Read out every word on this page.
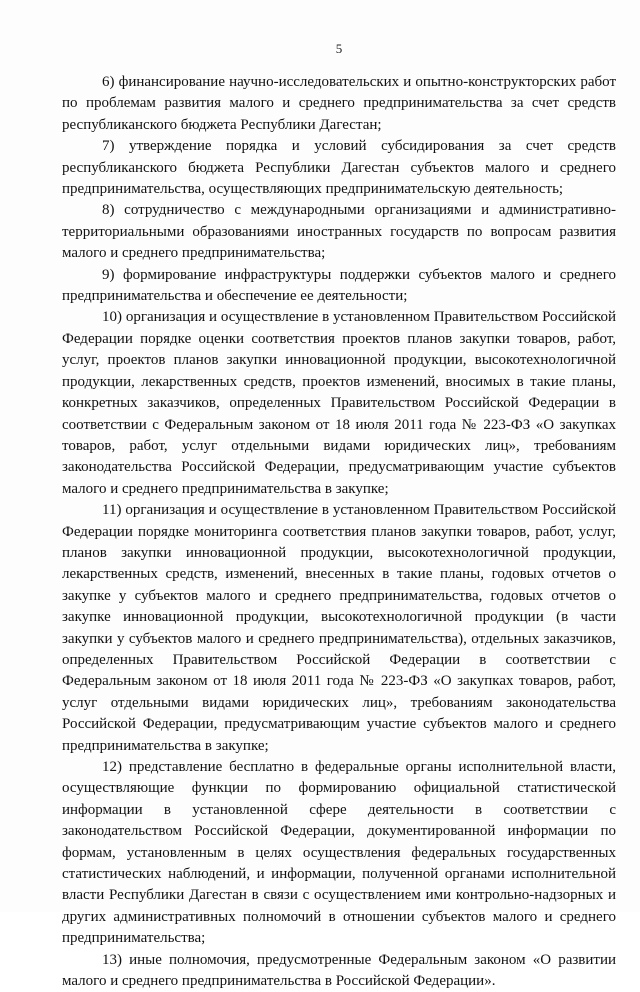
5

6) финансирование научно-исследовательских и опытно-конструкторских работ по проблемам развития малого и среднего предпринимательства за счет средств республиканского бюджета Республики Дагестан;

7) утверждение порядка и условий субсидирования за счет средств республиканского бюджета Республики Дагестан субъектов малого и среднего предпринимательства, осуществляющих предпринимательскую деятельность;

8) сотрудничество с международными организациями и административно-территориальными образованиями иностранных государств по вопросам развития малого и среднего предпринимательства;

9) формирование инфраструктуры поддержки субъектов малого и среднего предпринимательства и обеспечение ее деятельности;

10) организация и осуществление в установленном Правительством Российской Федерации порядке оценки соответствия проектов планов закупки товаров, работ, услуг, проектов планов закупки инновационной продукции, высокотехнологичной продукции, лекарственных средств, проектов изменений, вносимых в такие планы, конкретных заказчиков, определенных Правительством Российской Федерации в соответствии с Федеральным законом от 18 июля 2011 года № 223-ФЗ «О закупках товаров, работ, услуг отдельными видами юридических лиц», требованиям законодательства Российской Федерации, предусматривающим участие субъектов малого и среднего предпринимательства в закупке;

11) организация и осуществление в установленном Правительством Российской Федерации порядке мониторинга соответствия планов закупки товаров, работ, услуг, планов закупки инновационной продукции, высокотехнологичной продукции, лекарственных средств, изменений, внесенных в такие планы, годовых отчетов о закупке у субъектов малого и среднего предпринимательства, годовых отчетов о закупке инновационной продукции, высокотехнологичной продукции (в части закупки у субъектов малого и среднего предпринимательства), отдельных заказчиков, определенных Правительством Российской Федерации в соответствии с Федеральным законом от 18 июля 2011 года № 223-ФЗ «О закупках товаров, работ, услуг отдельными видами юридических лиц», требованиям законодательства Российской Федерации, предусматривающим участие субъектов малого и среднего предпринимательства в закупке;

12) представление бесплатно в федеральные органы исполнительной власти, осуществляющие функции по формированию официальной статистической информации в установленной сфере деятельности в соответствии с законодательством Российской Федерации, документированной информации по формам, установленным в целях осуществления федеральных государственных статистических наблюдений, и информации, полученной органами исполнительной власти Республики Дагестан в связи с осуществлением ими контрольно-надзорных и других административных полномочий в отношении субъектов малого и среднего предпринимательства;

13) иные полномочия, предусмотренные Федеральным законом «О развитии малого и среднего предпринимательства в Российской Федерации».
